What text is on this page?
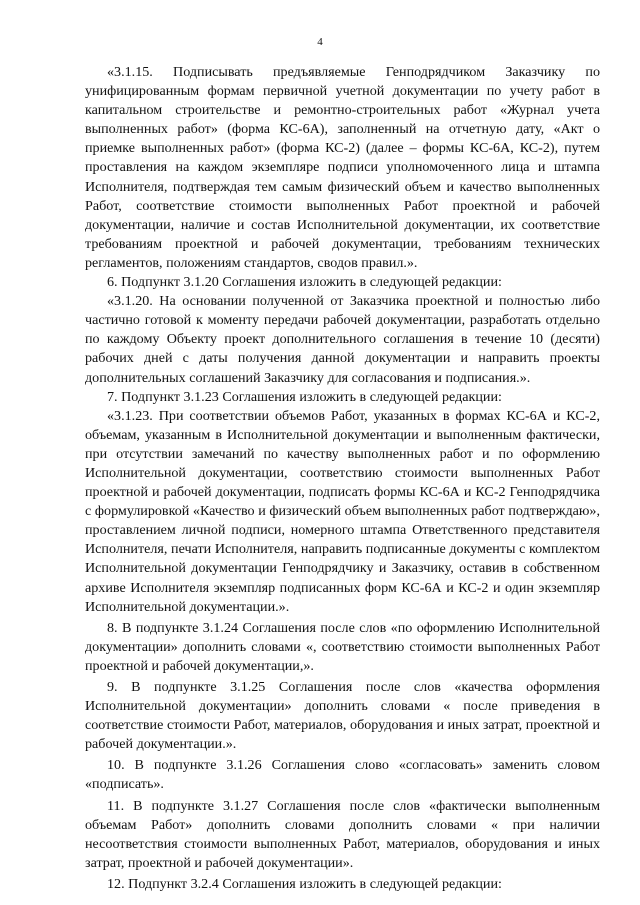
4

«3.1.15. Подписывать предъявляемые Генподрядчиком Заказчику по унифицированным формам первичной учетной документации по учету работ в капитальном строительстве и ремонтно-строительных работ «Журнал учета выполненных работ» (форма КС-6А), заполненный на отчетную дату, «Акт о приемке выполненных работ» (форма КС-2) (далее – формы КС-6А, КС-2), путем проставления на каждом экземпляре подписи уполномоченного лица и штампа Исполнителя, подтверждая тем самым физический объем и качество выполненных Работ, соответствие стоимости выполненных Работ проектной и рабочей документации, наличие и состав Исполнительной документации, их соответствие требованиям проектной и рабочей документации, требованиям технических регламентов, положениям стандартов, сводов правил.».

6. Подпункт 3.1.20 Соглашения изложить в следующей редакции:

«3.1.20. На основании полученной от Заказчика проектной и полностью либо частично готовой к моменту передачи рабочей документации, разработать отдельно по каждому Объекту проект дополнительного соглашения в течение 10 (десяти) рабочих дней с даты получения данной документации и направить проекты дополнительных соглашений Заказчику для согласования и подписания.».

7. Подпункт 3.1.23 Соглашения изложить в следующей редакции:

«3.1.23. При соответствии объемов Работ, указанных в формах КС-6А и КС-2, объемам, указанным в Исполнительной документации и выполненным фактически, при отсутствии замечаний по качеству выполненных работ и по оформлению Исполнительной документации, соответствию стоимости выполненных Работ проектной и рабочей документации, подписать формы КС-6А и КС-2 Генподрядчика с формулировкой «Качество и физический объем выполненных работ подтверждаю», проставлением личной подписи, номерного штампа Ответственного представителя Исполнителя, печати Исполнителя, направить подписанные документы с комплектом Исполнительной документации Генподрядчику и Заказчику, оставив в собственном архиве Исполнителя экземпляр подписанных форм КС-6А и КС-2 и один экземпляр Исполнительной документации.».

8. В подпункте 3.1.24 Соглашения после слов «по оформлению Исполнительной документации» дополнить словами «, соответствию стоимости выполненных Работ проектной и рабочей документации,».

9. В подпункте 3.1.25 Соглашения после слов «качества оформления Исполнительной документации» дополнить словами « после приведения в соответствие стоимости Работ, материалов, оборудования и иных затрат, проектной и рабочей документации.».

10. В подпункте 3.1.26 Соглашения слово «согласовать» заменить словом «подписать».

11. В подпункте 3.1.27 Соглашения после слов «фактически выполненным объемам Работ» дополнить словами дополнить словами « при наличии несоответствия стоимости выполненных Работ, материалов, оборудования и иных затрат, проектной и рабочей документации».

12. Подпункт 3.2.4 Соглашения изложить в следующей редакции:
